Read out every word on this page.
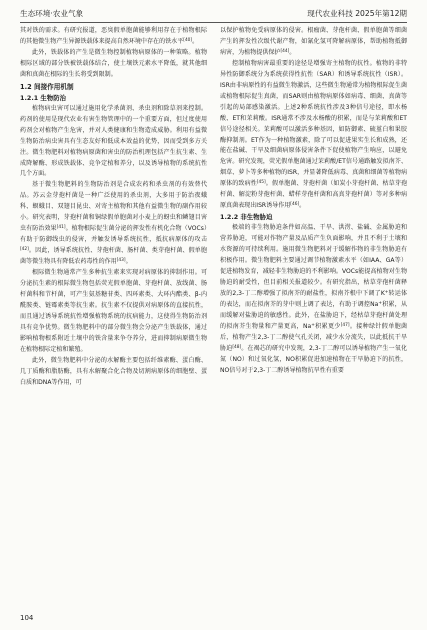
生态环境·农业气象	现代农业科技 2025年第12期

其对铁的需求。有研究报道，恶臭假单胞菌能够利用存在于植物根际的其他微生物产生异源铁载体来提高自然环境中存在的铁水平[40]。

此外，铁载体的产生是微生物控制植物病原体的一种策略。植物根际区域的部分铁被铁载体结合，使土壤铁元素水平降低，就其他细菌和真菌在根际的生长将受到限制。

1.2 间接作用机制
1.2.1 生物防治

植物病虫害可以通过施用化学杀菌剂、杀虫剂和除草剂来控制。药剂的使用是现代农业有害生物管理中的一个重要方面，但过度使用药剂会对植物产生危害，并对人类健康和生物造成威胁。利用有益微生物防治病虫害具有生态友好和低成本效益的优势，因而受到多方关注。微生物肥料对植物病原菌和害虫的防治机理包括产生抗生素、生成降解酶、形成铁载体、竞争定植和养分，以及诱导植物的系统抗性几个方面。

基于微生物肥料的生物防治剂是合成农药和杀虫剂的有效替代品。苏云金芽孢杆菌是一种广泛使用的杀虫剂，大多用于防治夜蛾科、螟蛾目、双翅目昆虫、对寄主植物和其他有益微生物的副作用较小。研究表明，芽孢杆菌和铜绿假单胞菌对小麦上的蚜虫和鳞翅目害虫有防治效果[41]。植物根际促生菌分泌的挥发性有机化合物（VOCs）有助于防御线虫的侵害，并触发诱导系统抗性，抵抗病原体的攻击[42]。因此，诱导系统抗性、芽孢杆菌、肠杆菌、类芽孢杆菌、假单胞菌等微生物具有降低农药毒性的作用[43]。

根际微生物通常产生多种抗生素来实现对病原体的抑制作用。可分泌抗生素的根际微生物包括荧光假单胞菌、芽孢杆菌、放线菌、肠杆菌科和节杆菌，可产生氨基糖苷类、四环素类、大环内酯类、β-内酰胺类、链霉素类等抗生素。抗生素不仅提供对病原体的直接抗性，而且通过诱导系统抗性增强植物系统的抗病能力，这使得生物防治剂具有竞争优势。微生物肥料中的部分微生物会分泌产生铁载体，通过影响植物根系附近土壤中的铁含量来争夺养分，进而抑制病原微生物在植物根际定植和繁殖。

此外，微生物肥料中分泌的水解酶主要包括纤维素酶、蛋白酶、几丁质酶和脂肪酶，具有水解聚合化合物及切割病原体的细胞壁、蛋白质和DNA等作用，可

以保护植物免受病原体的侵害。根瘤菌、芽孢杆菌、假单胞菌等细菌产生的挥发性次级代谢产物，如氰化氢可降解病原体，帮助植物抵御病害，为植物提供保护[44]。

控制植物病害最重要的途径是增强寄主植物的抗性。植物的非特异性防御系统分为系统获得性抗性（SAR）和诱导系统抗性（ISR）。ISR由非病原性的有益微生物激活，这些微生物通常为植物根际促生菌或植物根际促生真菌，而SAR则由植物病原体如病毒、细菌、真菌等引起的局部感染激活。上述2种系统抗性涉及3种信号途径，即水杨酸、ET和茉莉酸。ISR通常不涉及水杨酸的积累，而是与茉莉酸和ET信号途径相关。茉莉酸可以激活多种基因，如防御素、硫堇白和果胶酶抑制剂。ET作为一种植物激素，除了可以促进果实生长和成熟，还能在盐碱、干旱及细菌病原体侵害条件下促使植物产生响应，以避免危害。研究发现，荧光假单胞菌通过茉莉酸/ET信号通路触发拟南芥、烟草、萝卜等多种植物的ISR，并显著降低病毒、真菌和细菌等植物病原体的致病性[45]。假单胞菌、芽孢杆菌（如炭小芽孢杆菌、枯草芽孢杆菌、解淀粉芽孢杆菌、蜡样芽孢杆菌和高真芽孢杆菌）等对多种病原真菌表现出ISR诱导作用[46]。

1.2.2 非生物胁迫

极端的非生物胁迫条件如高温、干旱、洪涝、盐碱、金属胁迫和营养胁迫，可能对作物产量及品质产生负面影响，并且不利于土壤和水资源的可持续利用。施用微生物肥料对于缓解作物的非生物胁迫有积极作用。微生物肥料主要通过调节植物激素水平（如IAA、GA等）促进植物发育，减轻非生物胁迫的不利影响。VOCs能提高植物对生物胁迫的耐受性，但目前相关报道较少。有研究指出，枯草芽孢杆菌释放的2,3-丁二醇增强了拟南芥的耐盐性，拟南芥根中下调了K+转运体的表达，而在拟南芥的芽中则上调了表达，有助于调控Na+积累，从而缓解对盐胁迫的敏感性。此外，在盐胁迫下，经枯草芽孢杆菌处理的拟南芥生物量和产量更高，Na+积累更少[47]。接种绿针假单胞菌后，植物产生2,3-丁二醇使气孔关闭，减少水分流失，以此抵抗干旱胁迫[48]。在褐芯的研究中发现，2,3-丁二醇可以诱导植物产生一氧化氮（NO）和过氧化氢，NO积累促进加速植物在干旱胁迫下的抗性，NO信号对于2,3-丁二醇诱导植物抗旱性有重要

104
